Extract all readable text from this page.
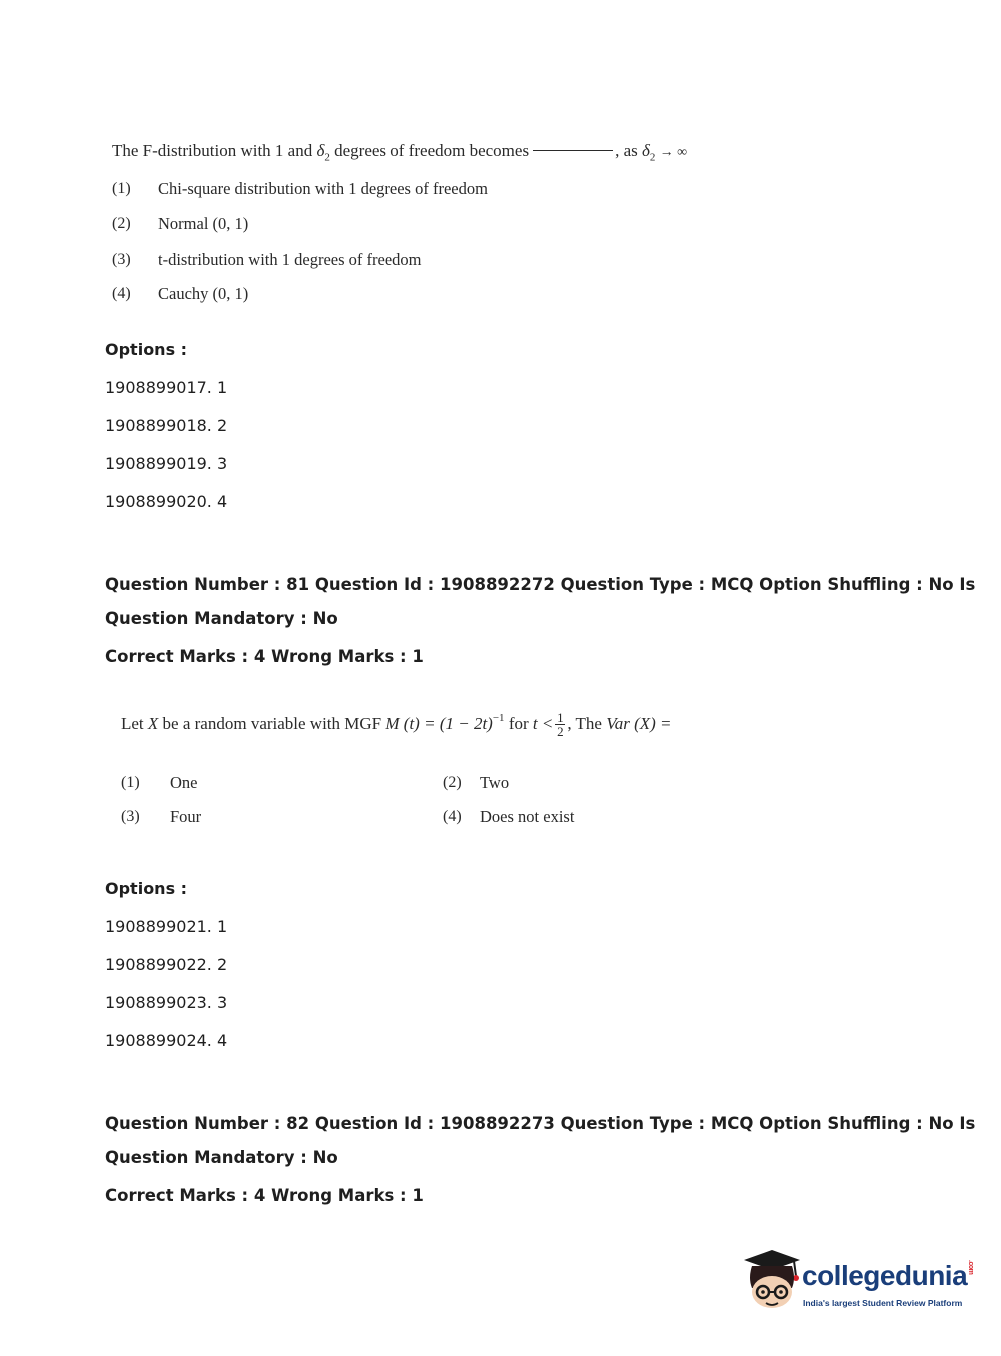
The F-distribution with 1 and $\delta_2$ degrees of freedom becomes	, as $\delta_2$ → ∞
(1) Chi-square distribution with 1 degrees of freedom
(2) Normal (0, 1)
(3) t-distribution with 1 degrees of freedom
(4) Cauchy (0, 1)
Options :
1908899017. 1
1908899018. 2
1908899019. 3
1908899020. 4
Question Number : 81 Question Id : 1908892272 Question Type : MCQ Option Shuffling : No Is
Question Mandatory : No
Correct Marks : 4 Wrong Marks : 1
Let
X
be a random variable with MGF
M $(t) = (1 - 2t)^{-1}$
for
$t < \frac{1}{2}$ , The
Var (X) =
(1) One	(2) Two
(3) Four	(4) Does not exist
Options :
1908899021. 1
1908899022. 2
1908899023. 3
1908899024. 4
Question Number : 82 Question Id : 1908892273 Question Type : MCQ Option Shuffling : No Is
Question Mandatory : No
Correct Marks : 4 Wrong Marks : 1
collegedunia.com
India's largest Student Review Platform
